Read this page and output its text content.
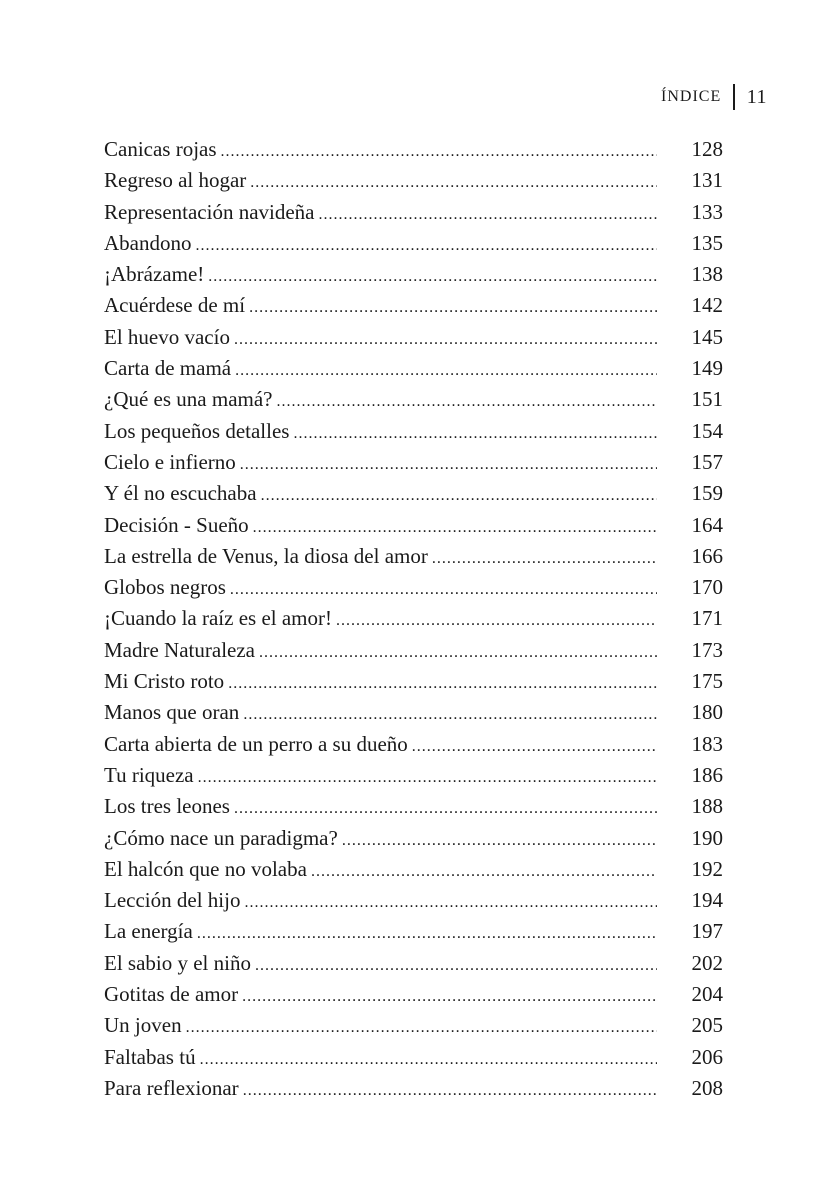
ÍNDICE 11
Canicas rojas .....	128
Regreso al hogar .....	131
Representación navideña .....	133
Abandono .....	135
¡Abrázame! .....	138
Acuérdese de mí .....	142
El huevo vacío .....	145
Carta de mamá .....	149
¿Qué es una mamá? .....	151
Los pequeños detalles .....	154
Cielo e infierno .....	157
Y él no escuchaba .....	159
Decisión - Sueño .....	164
La estrella de Venus, la diosa del amor .....	166
Globos negros .....	170
¡Cuando la raíz es el amor! .....	171
Madre Naturaleza .....	173
Mi Cristo roto .....	175
Manos que oran .....	180
Carta abierta de un perro a su dueño .....	183
Tu riqueza .....	186
Los tres leones .....	188
¿Cómo nace un paradigma? .....	190
El halcón que no volaba .....	192
Lección del hijo .....	194
La energía .....	197
El sabio y el niño .....	202
Gotitas de amor .....	204
Un joven .....	205
Faltabas tú .....	206
Para reflexionar .....	208
